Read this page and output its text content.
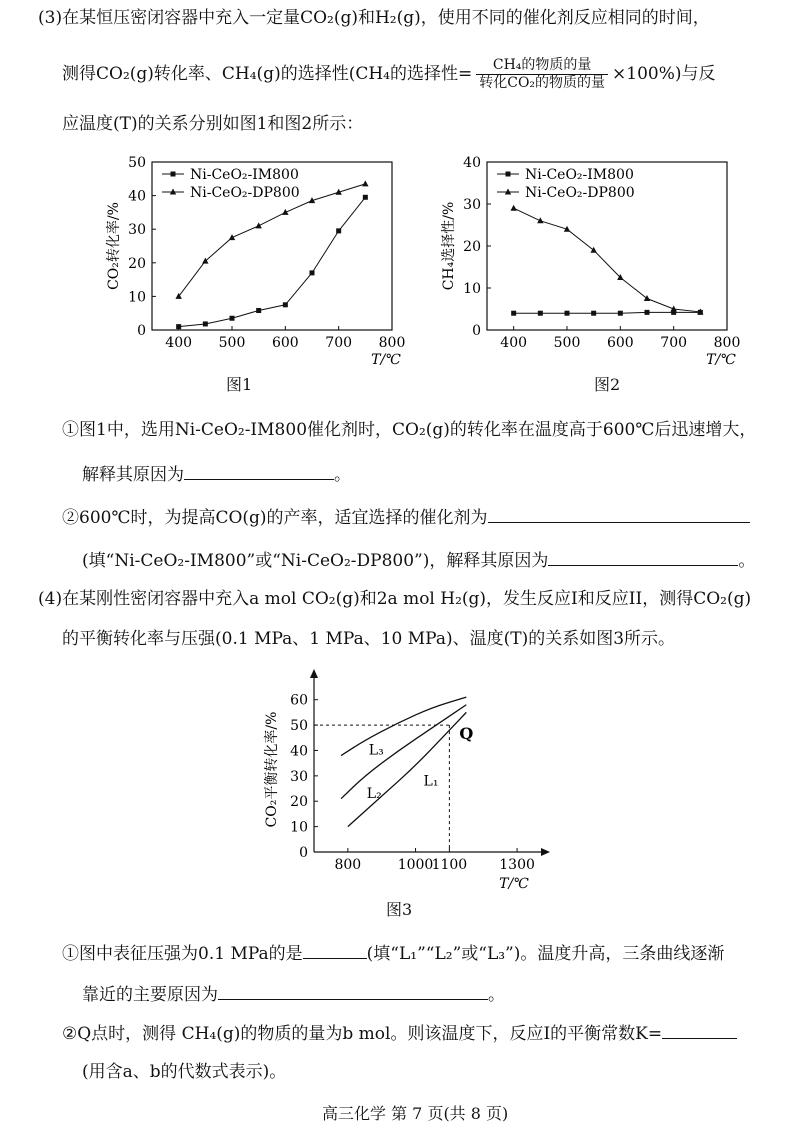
(3)在某恒压密闭容器中充入一定量CO₂(g)和H₂(g)，使用不同的催化剂反应相同的时间，
测得CO₂(g)转化率、CH₄(g)的选择性(CH₄的选择性= $\frac{\text{CH₄的物质的量}}{\text{转化CO₂的物质的量}} \times 100\%$)与反
应温度(T)的关系分别如图1和图2所示：
400 500 600 700 800
0
10
20
30
40
50
T/℃
CO₂转化率/%
Ni-CeO₂-IM800
Ni-CeO₂-DP800
图1
400 500 600 700 800
0
10
20
30
40
T/℃
CH₄选择性/%
Ni-CeO₂-IM800
Ni-CeO₂-DP800
图2
①图1中，选用Ni-CeO₂-IM800催化剂时，CO₂(g)的转化率在温度高于600℃后迅速增大，
解释其原因为	。
②600℃时，为提高CO(g)的产率，适宜选择的催化剂为
(填“Ni-CeO₂-IM800”或“Ni-CeO₂-DP800”)，解释其原因为	。
(4)在某刚性密闭容器中充入a mol CO₂(g)和2a mol H₂(g)，发生反应I和反应II，测得CO₂(g)
的平衡转化率与压强(0.1 MPa、1 MPa、10 MPa)、温度(T)的关系如图3所示。
800	1000
1100 1300
0
10
20
30
40
50
60
T/℃
CO₂平衡转化率/%	Q
L₃
L₂
L₁
图3
①图中表征压强为0.1 MPa的是	(填“L₁”“L₂”或“L₃”)。温度升高，三条曲线逐渐
靠近的主要原因为	。
②Q点时，测得 CH₄(g)的物质的量为b mol。则该温度下，反应I的平衡常数K=
(用含a、b的代数式表示)。
高三化学 第 7 页(共 8 页)
